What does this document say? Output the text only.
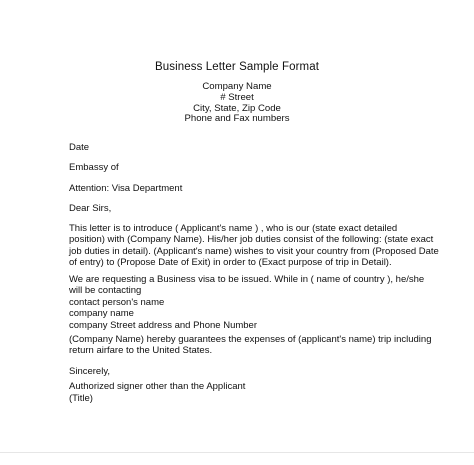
Business Letter Sample Format
Company Name
# Street
City, State, Zip Code
Phone and Fax numbers
Date
Embassy of
Attention: Visa Department
Dear Sirs,
This letter is to introduce ( Applicant's name ) , who is our (state exact detailed
position) with (Company Name). His/her job duties consist of the following: (state exact
job duties in detail). (Applicant's name) wishes to visit your country from (Proposed Date
of entry) to (Propose Date of Exit) in order to (Exact purpose of trip in Detail).
We are requesting a Business visa to be issued. While in ( name of country ), he/she
will be contacting
contact person's name
company name
company Street address and Phone Number
(Company Name) hereby guarantees the expenses of (applicant's name) trip including
return airfare to the United States.
Sincerely,
Authorized signer other than the Applicant
(Title)
